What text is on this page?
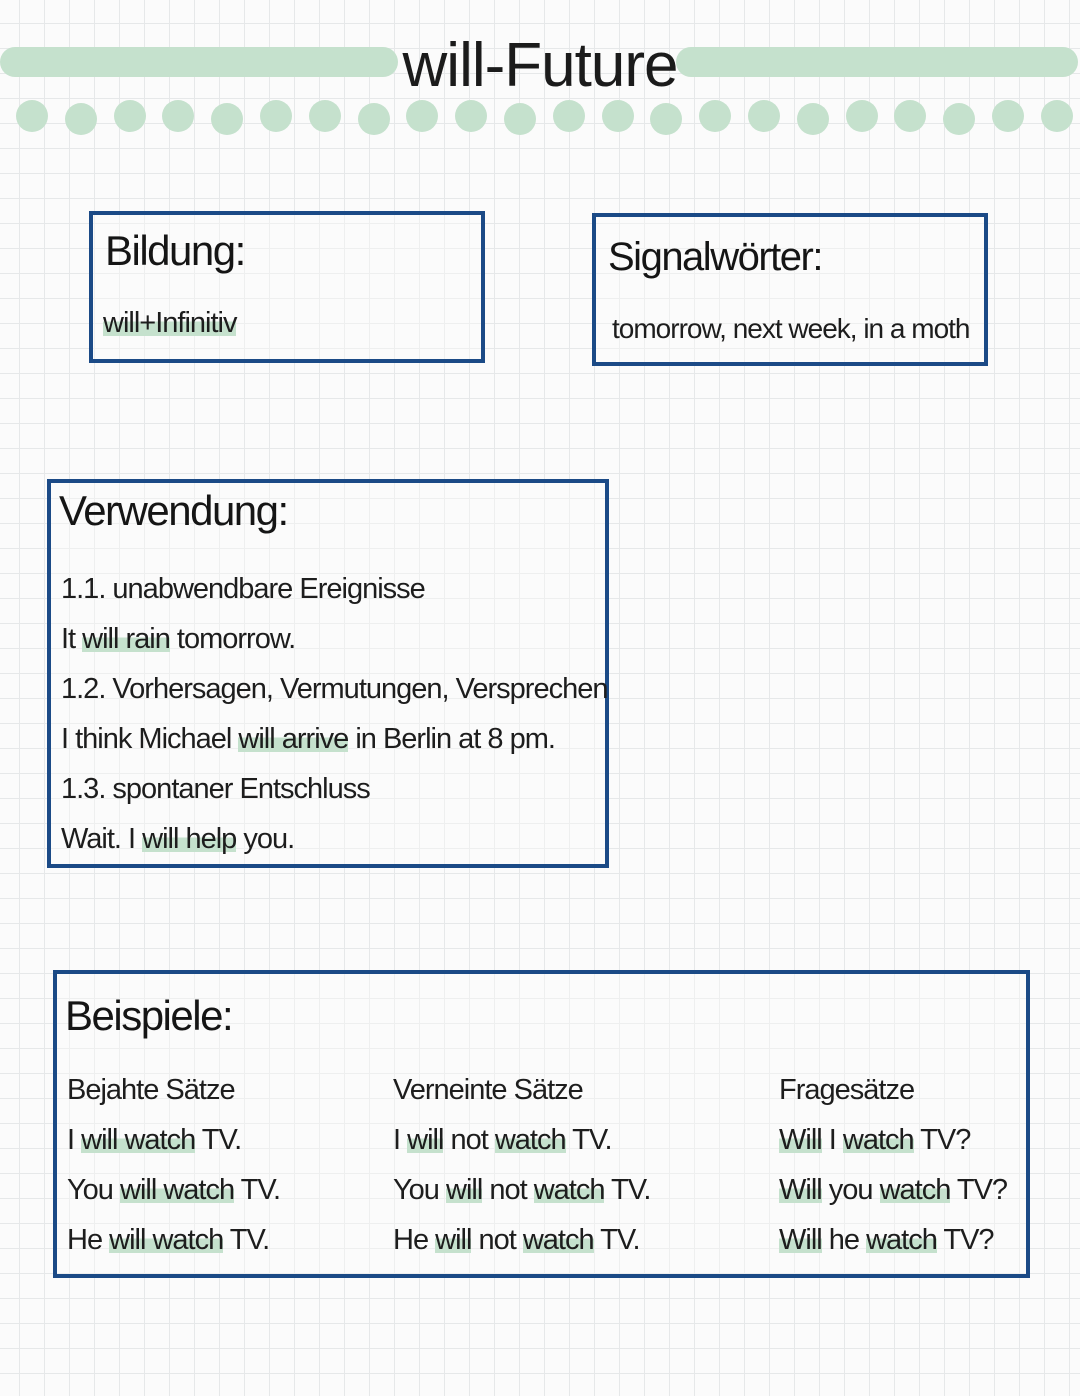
will-Future
Bildung:
will+Infinitiv
Signalwörter:
tomorrow, next week, in a moth
Verwendung:
1.1. unabwendbare Ereignisse
It will rain tomorrow.
1.2. Vorhersagen, Vermutungen, Versprechen
I think Michael will arrive in Berlin at 8 pm.
1.3. spontaner Entschluss
Wait. I will help you.
Beispiele:
Bejahte Sätze
I will watch TV.
You will watch TV.
He will watch TV.
Verneinte Sätze
I will not watch TV.
You will not watch TV.
He will not watch TV.
Fragesätze
Will I watch TV?
Will you watch TV?
Will he watch TV?
